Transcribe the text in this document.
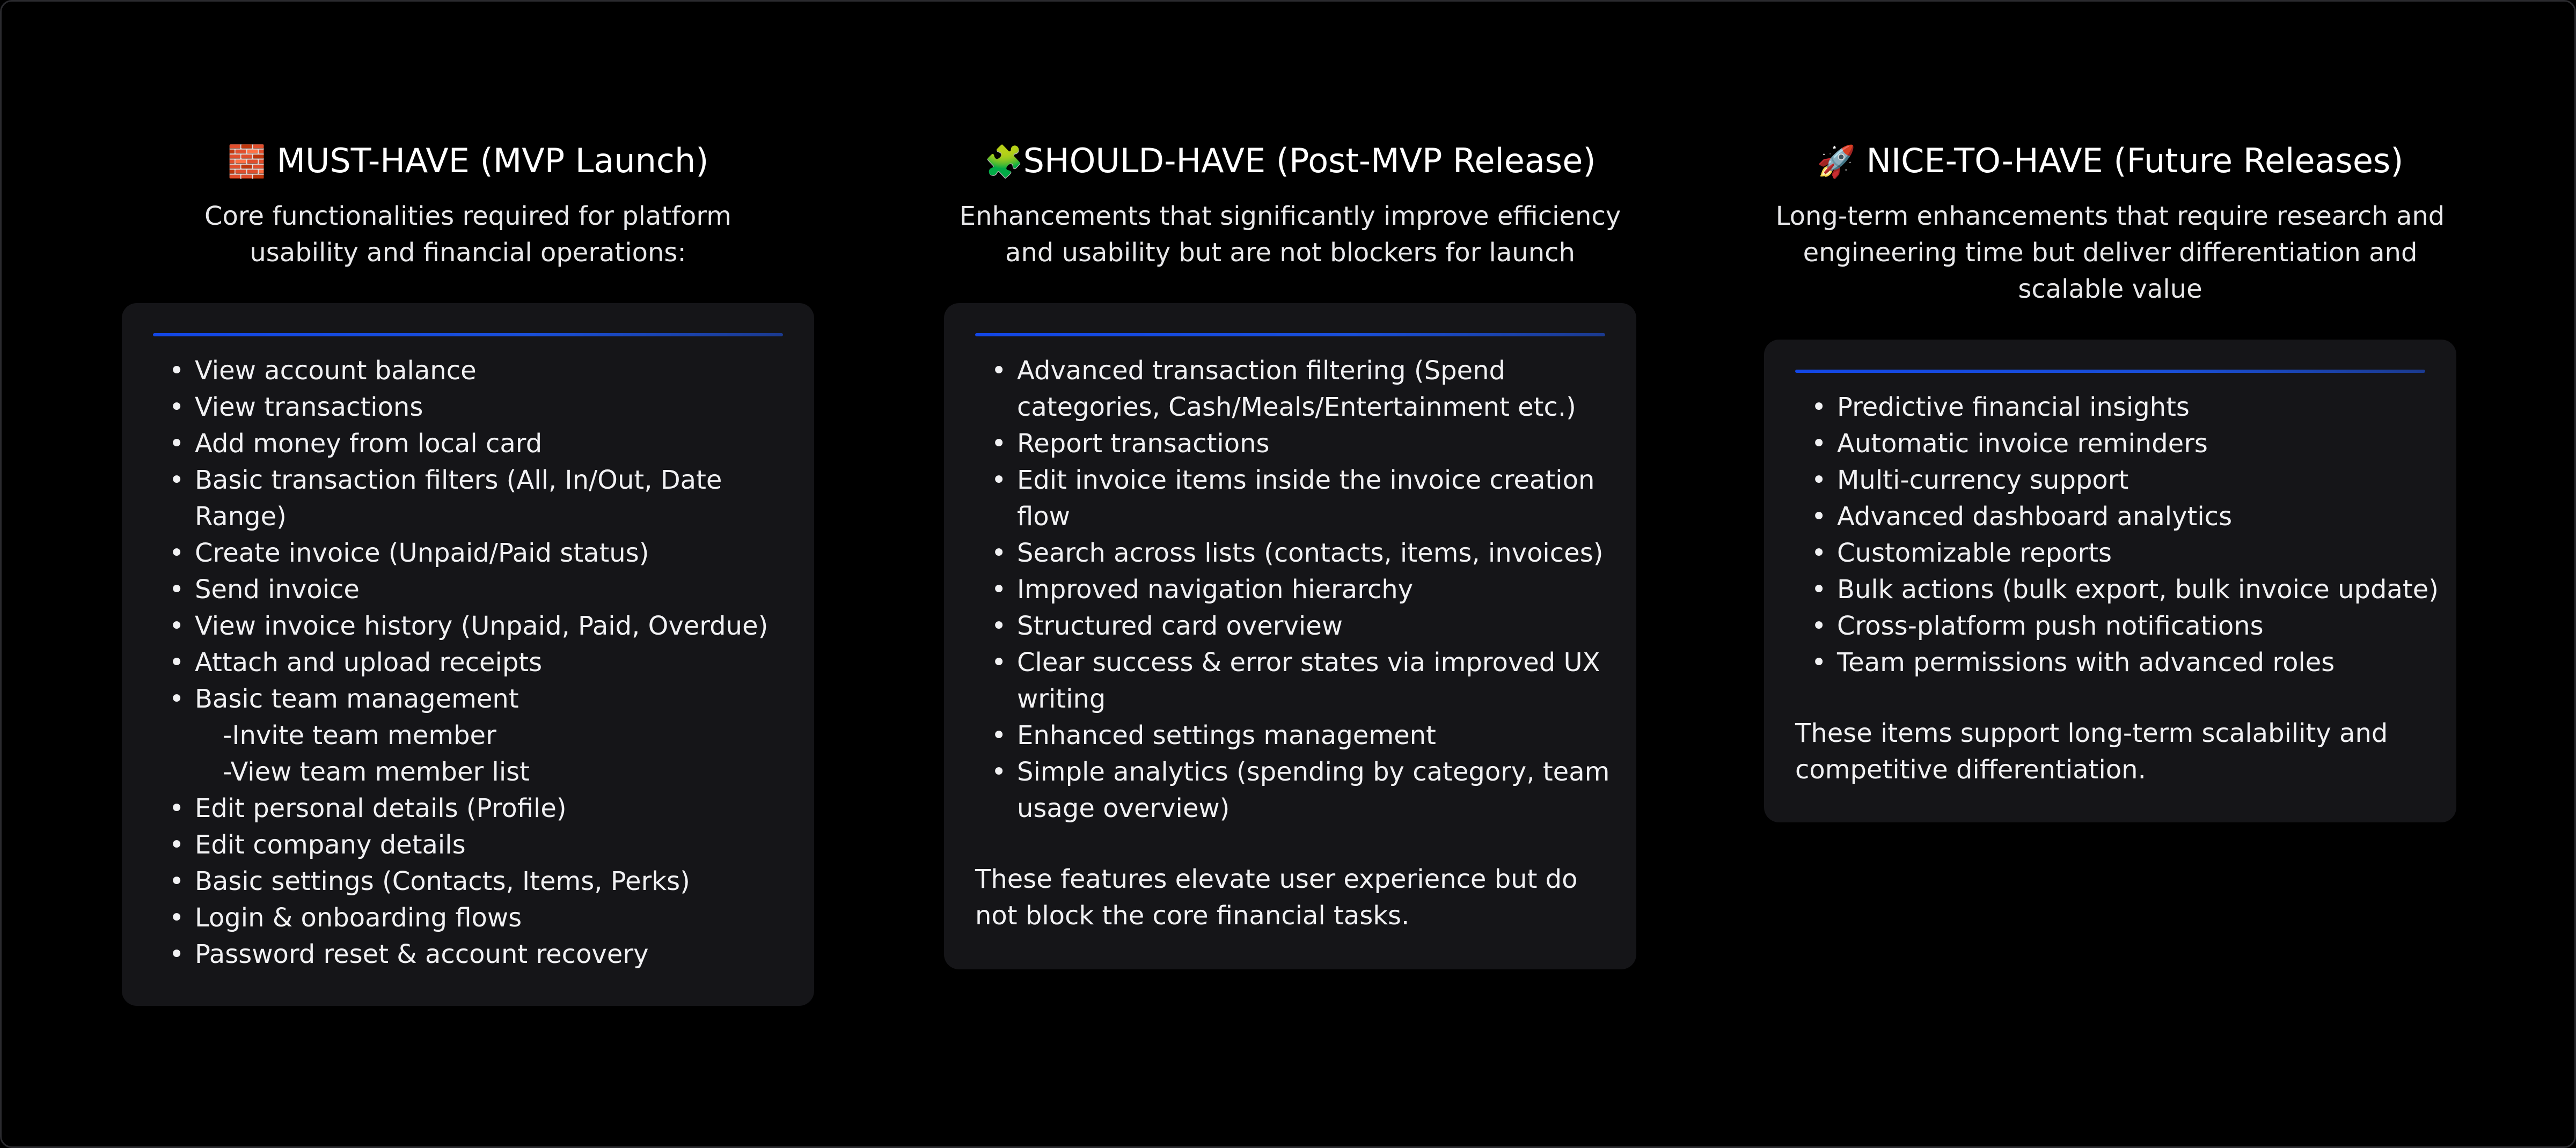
🧱 MUST-HAVE (MVP Launch)
Core functionalities required for platform
usability and financial operations:
• View account balance
• View transactions
• Add money from local card
• Basic transaction filters (All, In/Out, Date
Range)
• Create invoice (Unpaid/Paid status)
• Send invoice
• View invoice history (Unpaid, Paid, Overdue)
• Attach and upload receipts
• Basic team management
-Invite team member
-View team member list
• Edit personal details (Profile)
• Edit company details
• Basic settings (Contacts, Items, Perks)
• Login & onboarding flows
• Password reset & account recovery
🧩SHOULD-HAVE (Post-MVP Release)
Enhancements that significantly improve efficiency
and usability but are not blockers for launch
• Advanced transaction filtering (Spend
categories, Cash/Meals/Entertainment etc.)
• Report transactions
• Edit invoice items inside the invoice creation
flow
• Search across lists (contacts, items, invoices)
• Improved navigation hierarchy
• Structured card overview
• Clear success & error states via improved UX
writing
• Enhanced settings management
• Simple analytics (spending by category, team
usage overview)
These features elevate user experience but do
not block the core financial tasks.
🚀 NICE-TO-HAVE (Future Releases)
Long-term enhancements that require research and
engineering time but deliver differentiation and
scalable value
• Predictive financial insights
• Automatic invoice reminders
• Multi-currency support
• Advanced dashboard analytics
• Customizable reports
• Bulk actions (bulk export, bulk invoice update)
• Cross-platform push notifications
• Team permissions with advanced roles
These items support long-term scalability and
competitive differentiation.
